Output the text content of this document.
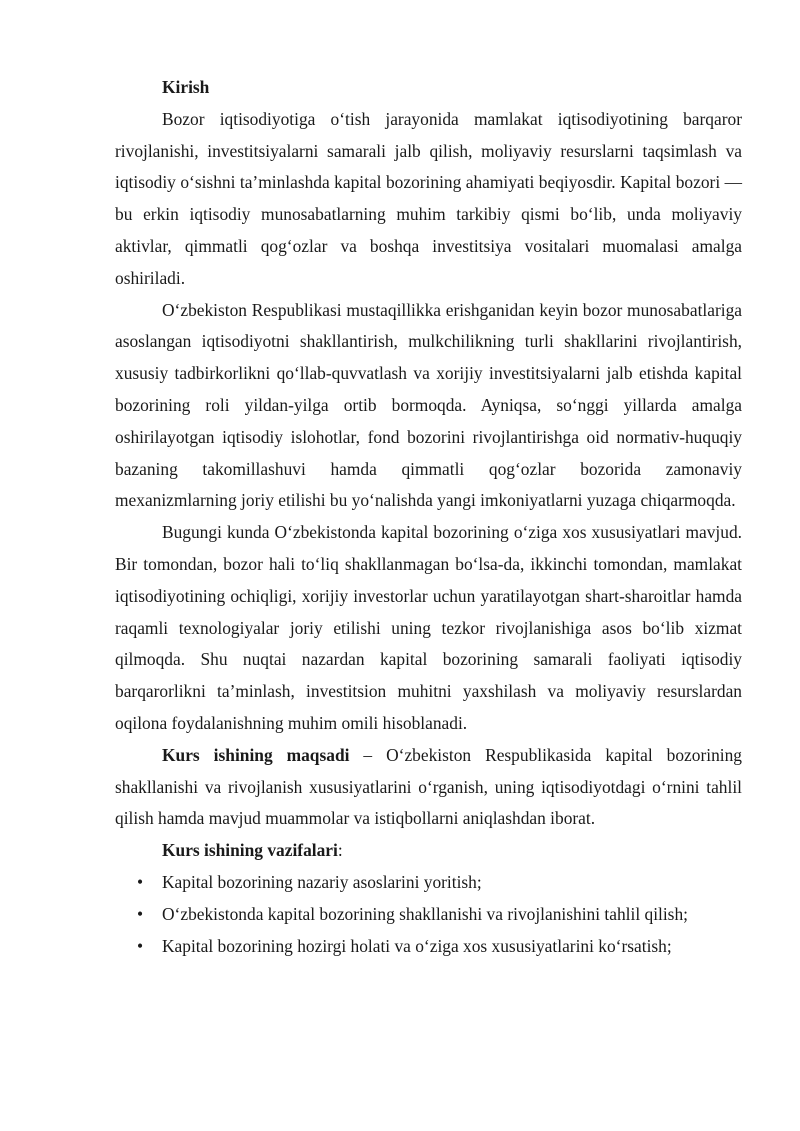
Kirish

Bozor iqtisodiyotiga o‘tish jarayonida mamlakat iqtisodiyotining barqaror rivojlanishi, investitsiyalarni samarali jalb qilish, moliyaviy resurslarni taqsimlash va iqtisodiy o‘sishni ta’minlashda kapital bozorining ahamiyati beqiyosdir. Kapital bozori — bu erkin iqtisodiy munosabatlarning muhim tarkibiy qismi bo‘lib, unda moliyaviy aktivlar, qimmatli qog‘ozlar va boshqa investitsiya vositalari muomalasi amalga oshiriladi.

O‘zbekiston Respublikasi mustaqillikka erishganidan keyin bozor munosabatlariga asoslangan iqtisodiyotni shakllantirish, mulkchilikning turli shakllarini rivojlantirish, xususiy tadbirkorlikni qo‘llab-quvvatlash va xorijiy investitsiyalarni jalb etishda kapital bozorining roli yildan-yilga ortib bormoqda. Ayniqsa, so‘nggi yillarda amalga oshirilayotgan iqtisodiy islohotlar, fond bozorini rivojlantirishga oid normativ-huquqiy bazaning takomillashuvi hamda qimmatli qog‘ozlar bozorida zamonaviy mexanizmlarning joriy etilishi bu yo‘nalishda yangi imkoniyatlarni yuzaga chiqarmoqda.

Bugungi kunda O‘zbekistonda kapital bozorining o‘ziga xos xususiyatlari mavjud. Bir tomondan, bozor hali to‘liq shakllanmagan bo‘lsa-da, ikkinchi tomondan, mamlakat iqtisodiyotining ochiqligi, xorijiy investorlar uchun yaratilayotgan shart-sharoitlar hamda raqamli texnologiyalar joriy etilishi uning tezkor rivojlanishiga asos bo‘lib xizmat qilmoqda. Shu nuqtai nazardan kapital bozorining samarali faoliyati iqtisodiy barqarorlikni ta’minlash, investitsion muhitni yaxshilash va moliyaviy resurslardan oqilona foydalanishning muhim omili hisoblanadi.

Kurs ishining maqsadi – O‘zbekiston Respublikasida kapital bozorining shakllanishi va rivojlanish xususiyatlarini o‘rganish, uning iqtisodiyotdagi o‘rnini tahlil qilish hamda mavjud muammolar va istiqbollarni aniqlashdan iborat.

Kurs ishining vazifalari:

• Kapital bozorining nazariy asoslarini yoritish;
• O‘zbekistonda kapital bozorining shakllanishi va rivojlanishini tahlil qilish;
• Kapital bozorining hozirgi holati va o‘ziga xos xususiyatlarini ko‘rsatish;
